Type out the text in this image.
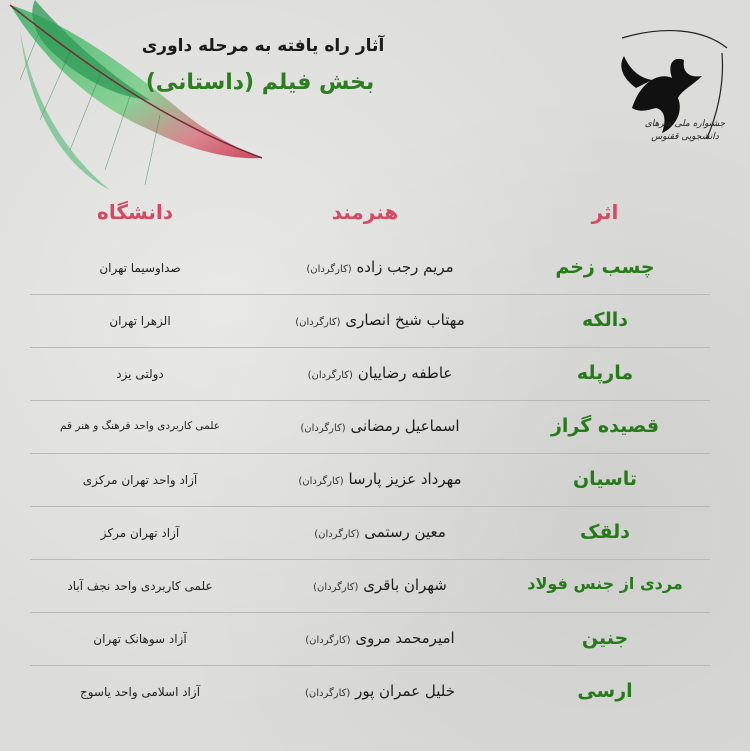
جشنواره ملی هنرهای دانشجویی ققنوس
آثار راه یافته به مرحله داوری
بخش فیلم (داستانی)
اثر
هنرمند
دانشگاه
چسب زخم
مریم رجب زاده (کارگردان)
صداوسیما تهران
دالکه
مهتاب شیخ انصاری (کارگردان)
الزهرا تهران
مارپله
عاطفه رضاییان (کارگردان)
دولتی یزد
قصیده گراز
اسماعیل رمضانی (کارگردان)
علمی کاربردی واحد فرهنگ و هنر قم
تاسیان
مهرداد عزیز پارسا (کارگردان)
آزاد واحد تهران مرکزی
دلقک
معین رستمی (کارگردان)
آزاد تهران مرکز
مردی از جنس فولاد
شهران باقری (کارگردان)
علمی کاربردی واحد نجف آباد
جنین
امیرمحمد مروی (کارگردان)
آزاد سوهانک تهران
ارسی
خلیل عمران پور (کارگردان)
آزاد اسلامی واحد یاسوج
